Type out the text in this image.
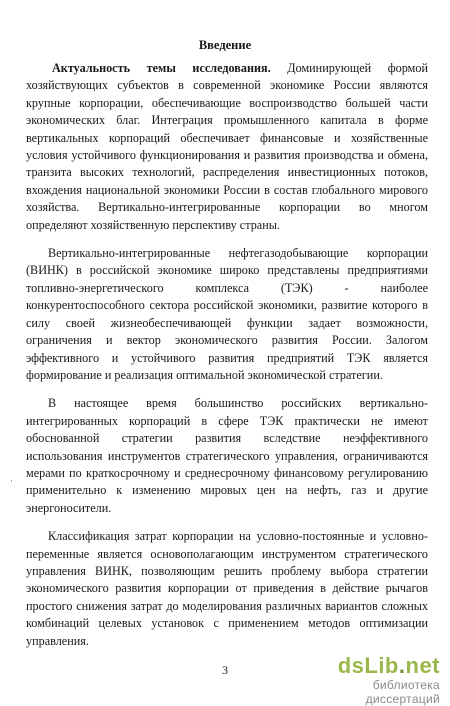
Введение

Актуальность темы исследования. Доминирующей формой хозяйствующих субъектов в современной экономике России являются крупные корпорации, обеспечивающие воспроизводство большей части экономических благ. Интеграция промышленного капитала в форме вертикальных корпораций обеспечивает финансовые и хозяйственные условия устойчивого функционирования и развития производства и обмена, транзита высоких технологий, распределения инвестиционных потоков, вхождения национальной экономики России в состав глобального мирового хозяйства. Вертикально-интегрированные корпорации во многом определяют хозяйственную перспективу страны.

Вертикально-интегрированные нефтегазодобывающие корпорации (ВИНК) в российской экономике широко представлены предприятиями топливно-энергетического комплекса (ТЭК) - наиболее конкурентоспособного сектора российской экономики, развитие которого в силу своей жизнеобеспечивающей функции задает возможности, ограничения и вектор экономического развития России. Залогом эффективного и устойчивого развития предприятий ТЭК является формирование и реализация оптимальной экономической стратегии.

В настоящее время большинство российских вертикально- интегрированных корпораций в сфере ТЭК практически не имеют обоснованной стратегии развития вследствие неэффективного использования инструментов стратегического управления, ограничиваются мерами по краткосрочному и среднесрочному финансовому регулированию применительно к изменению мировых цен на нефть, газ и другие энергоносители.

Классификация затрат корпорации на условно-постоянные и условно-переменные является основополагающим инструментом стратегического управления ВИНК, позволяющим решить проблему выбора стратегии экономического развития корпорации от приведения в действие рычагов простого снижения затрат до моделирования различных вариантов сложных комбинаций целевых установок с применением методов оптимизации управления.

·
3	dsLib.net
библиотека диссертаций
